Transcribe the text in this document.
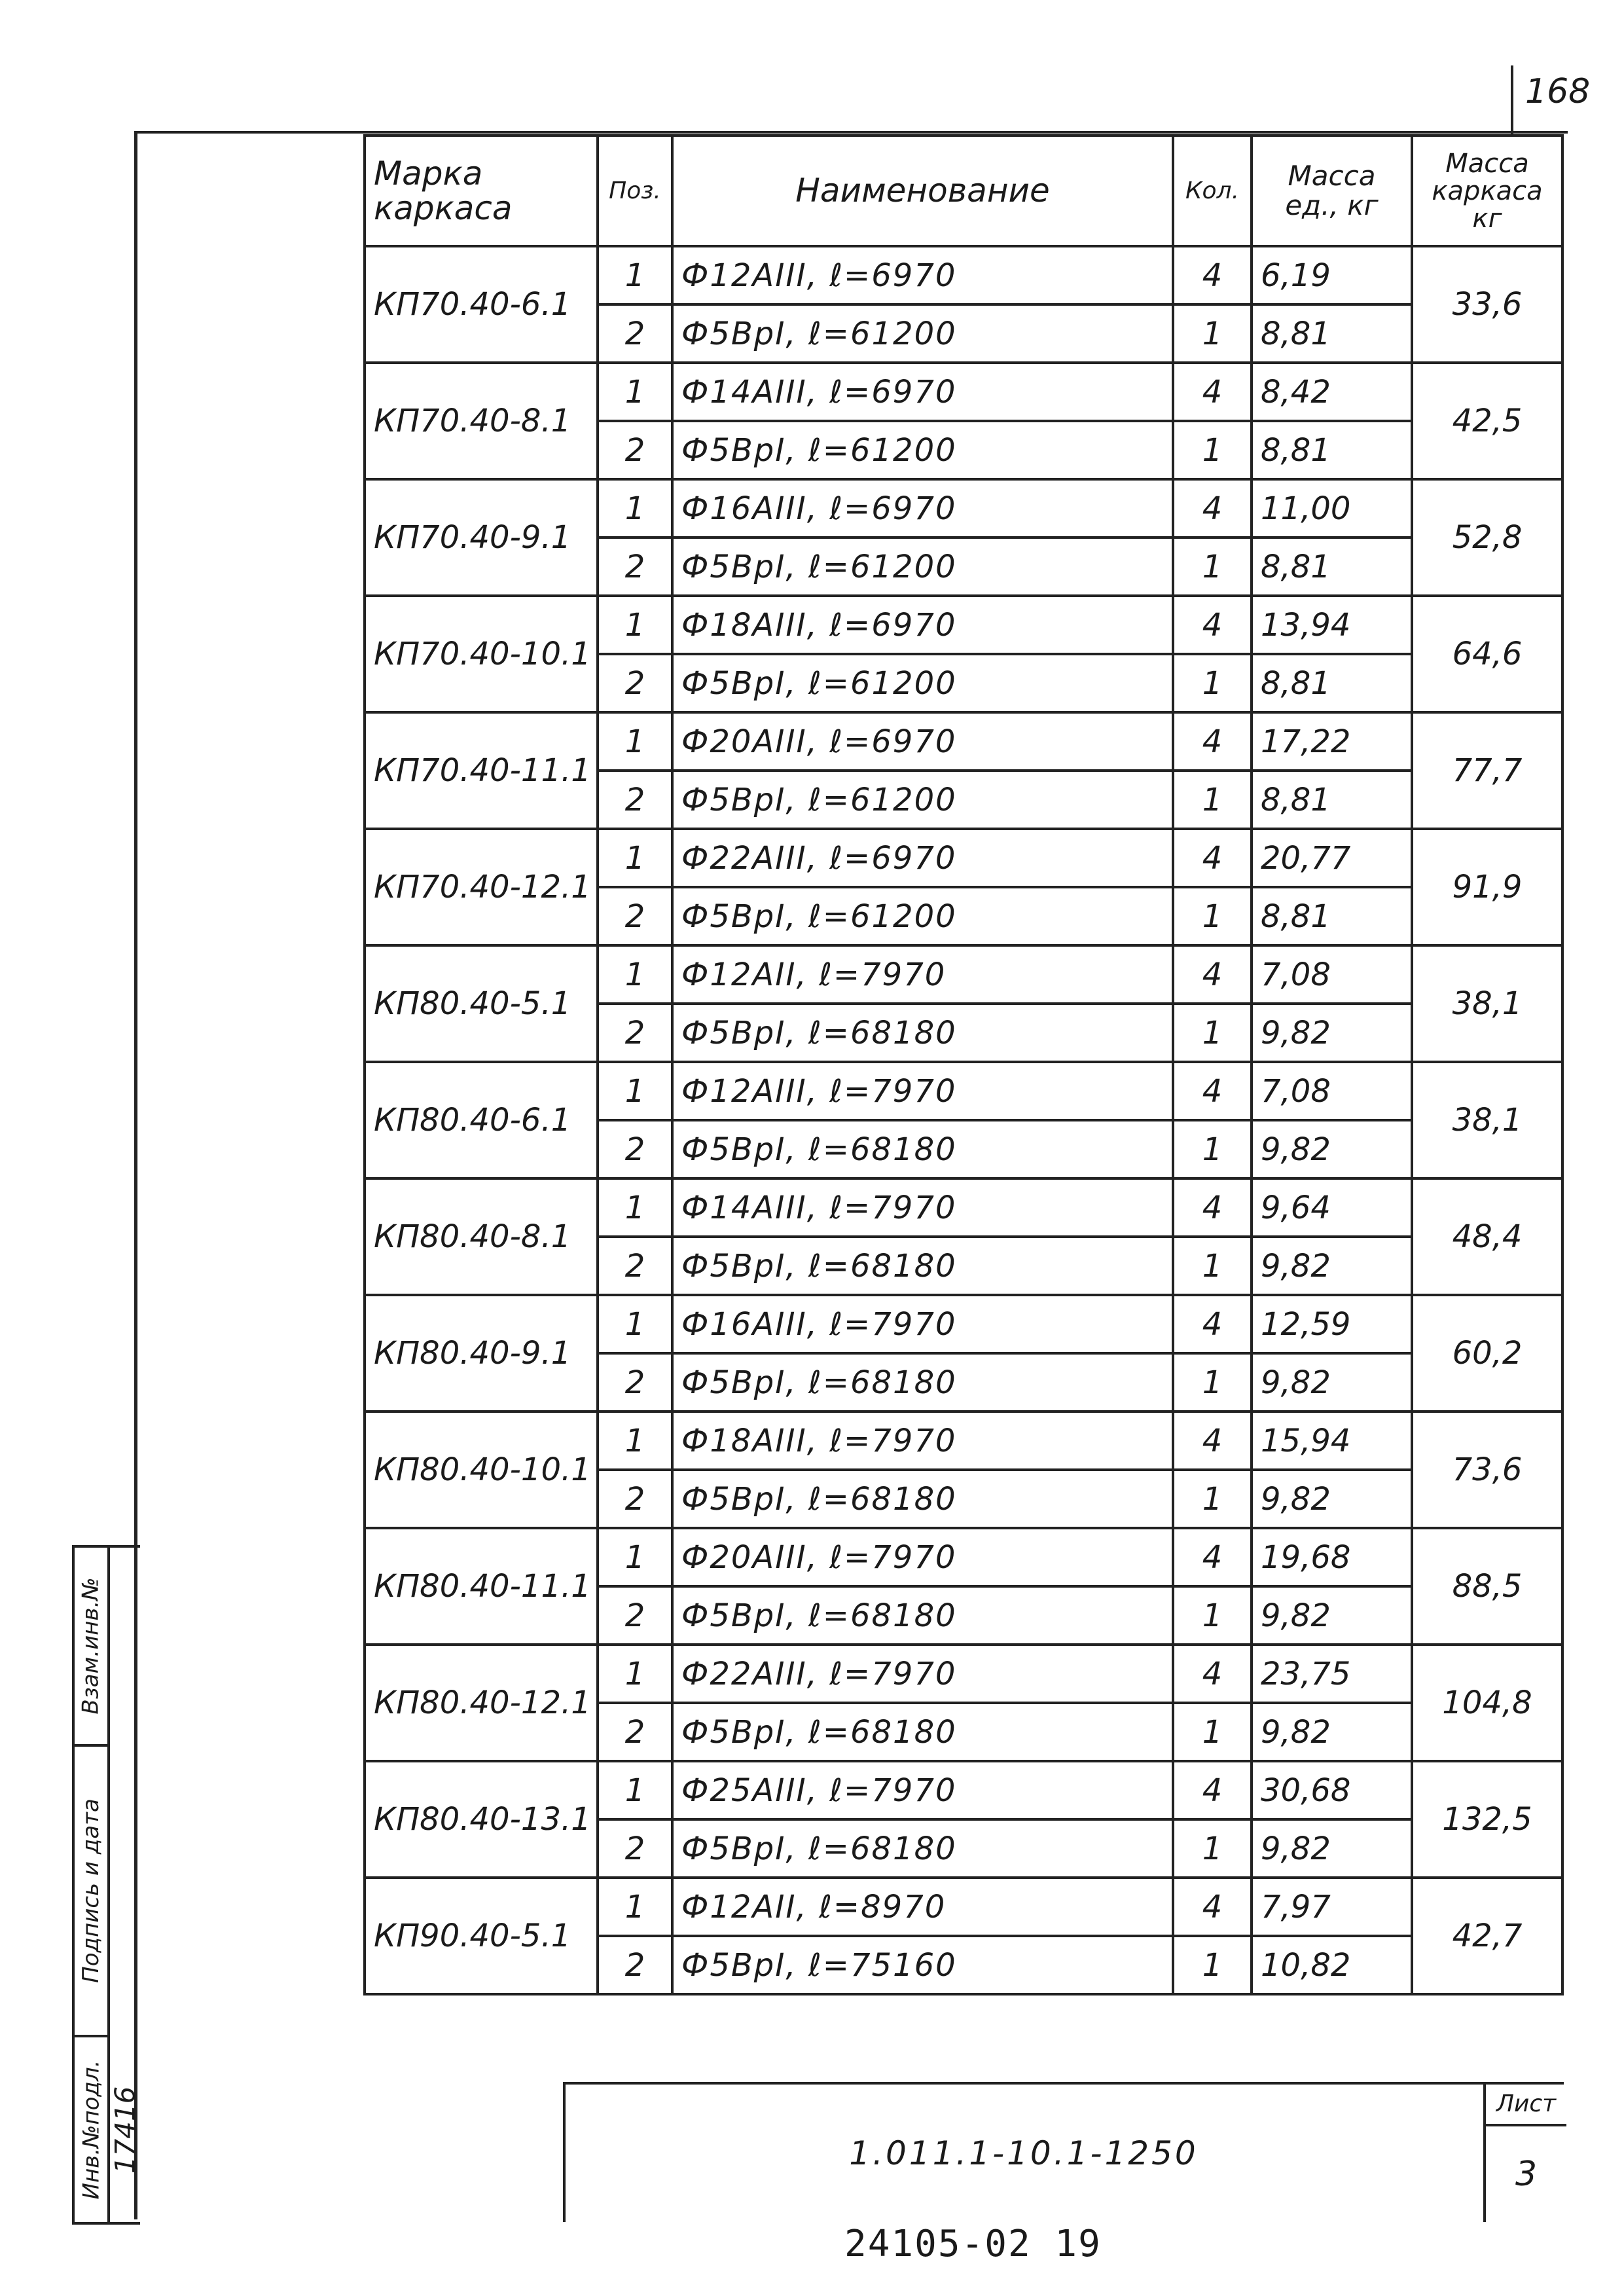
168
Марка каркаса	Поз.	Наименование	Кол.	Масса ед., кг	Масса каркаса кг
КП70.40-6.1	1	Ф12АIII, ℓ=6970	4	6,19	33,6
	2	Ф5ВрI, ℓ=61200	1	8,81	
КП70.40-8.1	1	Ф14АIII, ℓ=6970	4	8,42	42,5
	2	Ф5ВрI, ℓ=61200	1	8,81	
КП70.40-9.1	1	Ф16АIII, ℓ=6970	4	11,00	52,8
	2	Ф5ВрI, ℓ=61200	1	8,81	
КП70.40-10.1	1	Ф18АIII, ℓ=6970	4	13,94	64,6
	2	Ф5ВрI, ℓ=61200	1	8,81	
КП70.40-11.1	1	Ф20АIII, ℓ=6970	4	17,22	77,7
	2	Ф5ВрI, ℓ=61200	1	8,81	
КП70.40-12.1	1	Ф22АIII, ℓ=6970	4	20,77	91,9
	2	Ф5ВрI, ℓ=61200	1	8,81	
КП80.40-5.1	1	Ф12АII, ℓ=7970	4	7,08	38,1
	2	Ф5ВрI, ℓ=68180	1	9,82	
КП80.40-6.1	1	Ф12АIII, ℓ=7970	4	7,08	38,1
	2	Ф5ВрI, ℓ=68180	1	9,82	
КП80.40-8.1	1	Ф14АIII, ℓ=7970	4	9,64	48,4
	2	Ф5ВрI, ℓ=68180	1	9,82	
КП80.40-9.1	1	Ф16АIII, ℓ=7970	4	12,59	60,2
	2	Ф5ВрI, ℓ=68180	1	9,82	
КП80.40-10.1	1	Ф18АIII, ℓ=7970	4	15,94	73,6
	2	Ф5ВрI, ℓ=68180	1	9,82	
КП80.40-11.1	1	Ф20АIII, ℓ=7970	4	19,68	88,5
	2	Ф5ВрI, ℓ=68180	1	9,82	
КП80.40-12.1	1	Ф22АIII, ℓ=7970	4	23,75	104,8
	2	Ф5ВрI, ℓ=68180	1	9,82	
КП80.40-13.1	1	Ф25АIII, ℓ=7970	4	30,68	132,5
	2	Ф5ВрI, ℓ=68180	1	9,82	
КП90.40-5.1	1	Ф12АII, ℓ=8970	4	7,97	42,7
	2	Ф5ВрI, ℓ=75160	1	10,82	
1.011.1-10.1-1250
Лист
3
Взам.инв.№
Подпись и дата
Инв.№подл. 17416
24105-02 19
